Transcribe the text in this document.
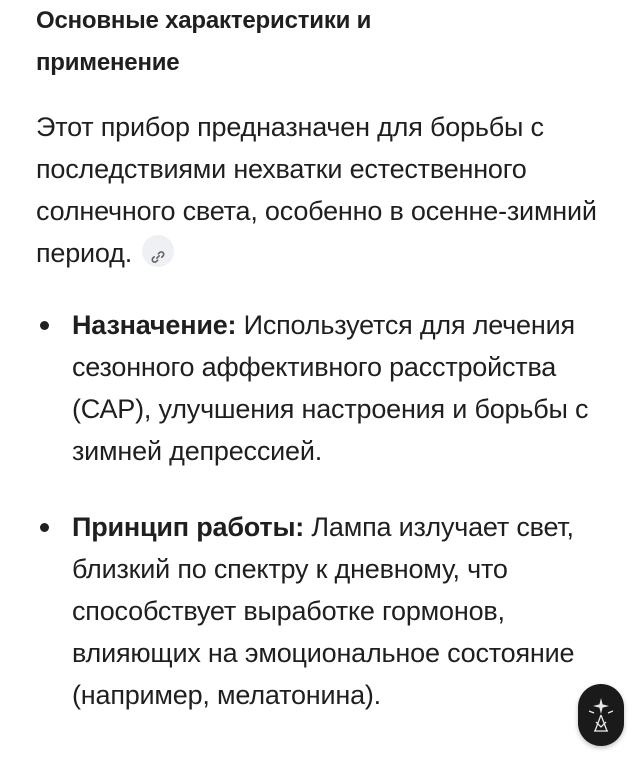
Основные характеристики и
применение

Этот прибор предназначен для борьбы с последствиями нехватки естественного солнечного света, особенно в осенне-зимний период.

Назначение: Используется для лечения сезонного аффективного расстройства (САР), улучшения настроения и борьбы с зимней депрессией.
Принцип работы: Лампа излучает свет, близкий по спектру к дневному, что способствует выработке гормонов, влияющих на эмоциональное состояние (например, мелатонина).
